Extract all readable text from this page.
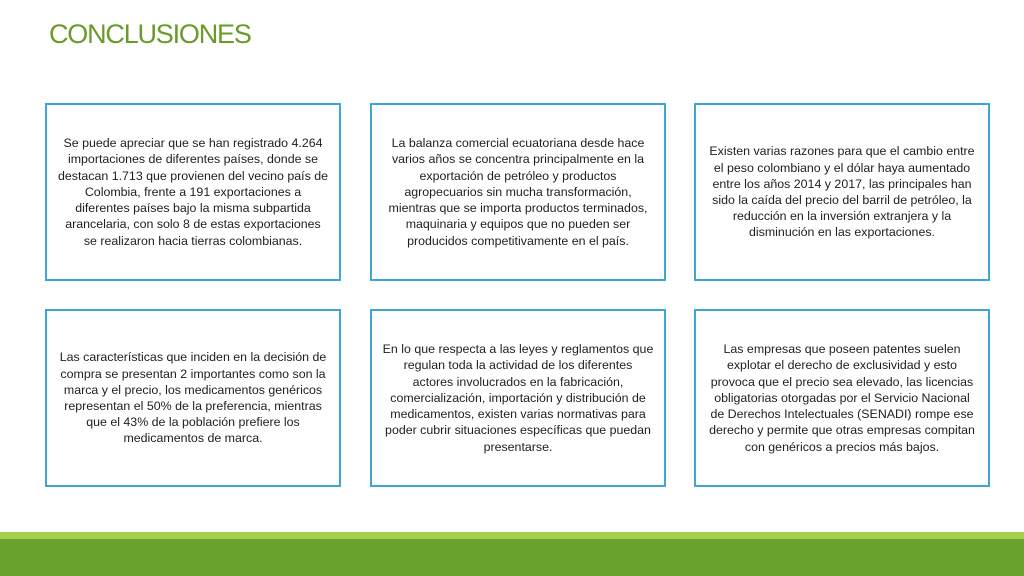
CONCLUSIONES

Se puede apreciar que se han registrado 4.264 importaciones de diferentes países, donde se destacan 1.713 que provienen del vecino país de Colombia, frente a 191 exportaciones a diferentes países bajo la misma subpartida arancelaria, con solo 8 de estas exportaciones se realizaron hacia tierras colombianas.

La balanza comercial ecuatoriana desde hace varios años se concentra principalmente en la exportación de petróleo y productos agropecuarios sin mucha transformación, mientras que se importa productos terminados, maquinaria y equipos que no pueden ser producidos competitivamente en el país.

Existen varias razones para que el cambio entre el peso colombiano y el dólar haya aumentado entre los años 2014 y 2017, las principales han sido la caída del precio del barril de petróleo, la reducción en la inversión extranjera y la disminución en las exportaciones.

Las características que inciden en la decisión de compra se presentan 2 importantes como son la marca y el precio, los medicamentos genéricos representan el 50% de la preferencia, mientras que el 43% de la población prefiere los medicamentos de marca.

En lo que respecta a las leyes y reglamentos que regulan toda la actividad de los diferentes actores involucrados en la fabricación, comercialización, importación y distribución de medicamentos, existen varias normativas para poder cubrir situaciones específicas que puedan presentarse.

Las empresas que poseen patentes suelen explotar el derecho de exclusividad y esto provoca que el precio sea elevado, las licencias obligatorias otorgadas por el Servicio Nacional de Derechos Intelectuales (SENADI) rompe ese derecho y permite que otras empresas compitan con genéricos a precios más bajos.
